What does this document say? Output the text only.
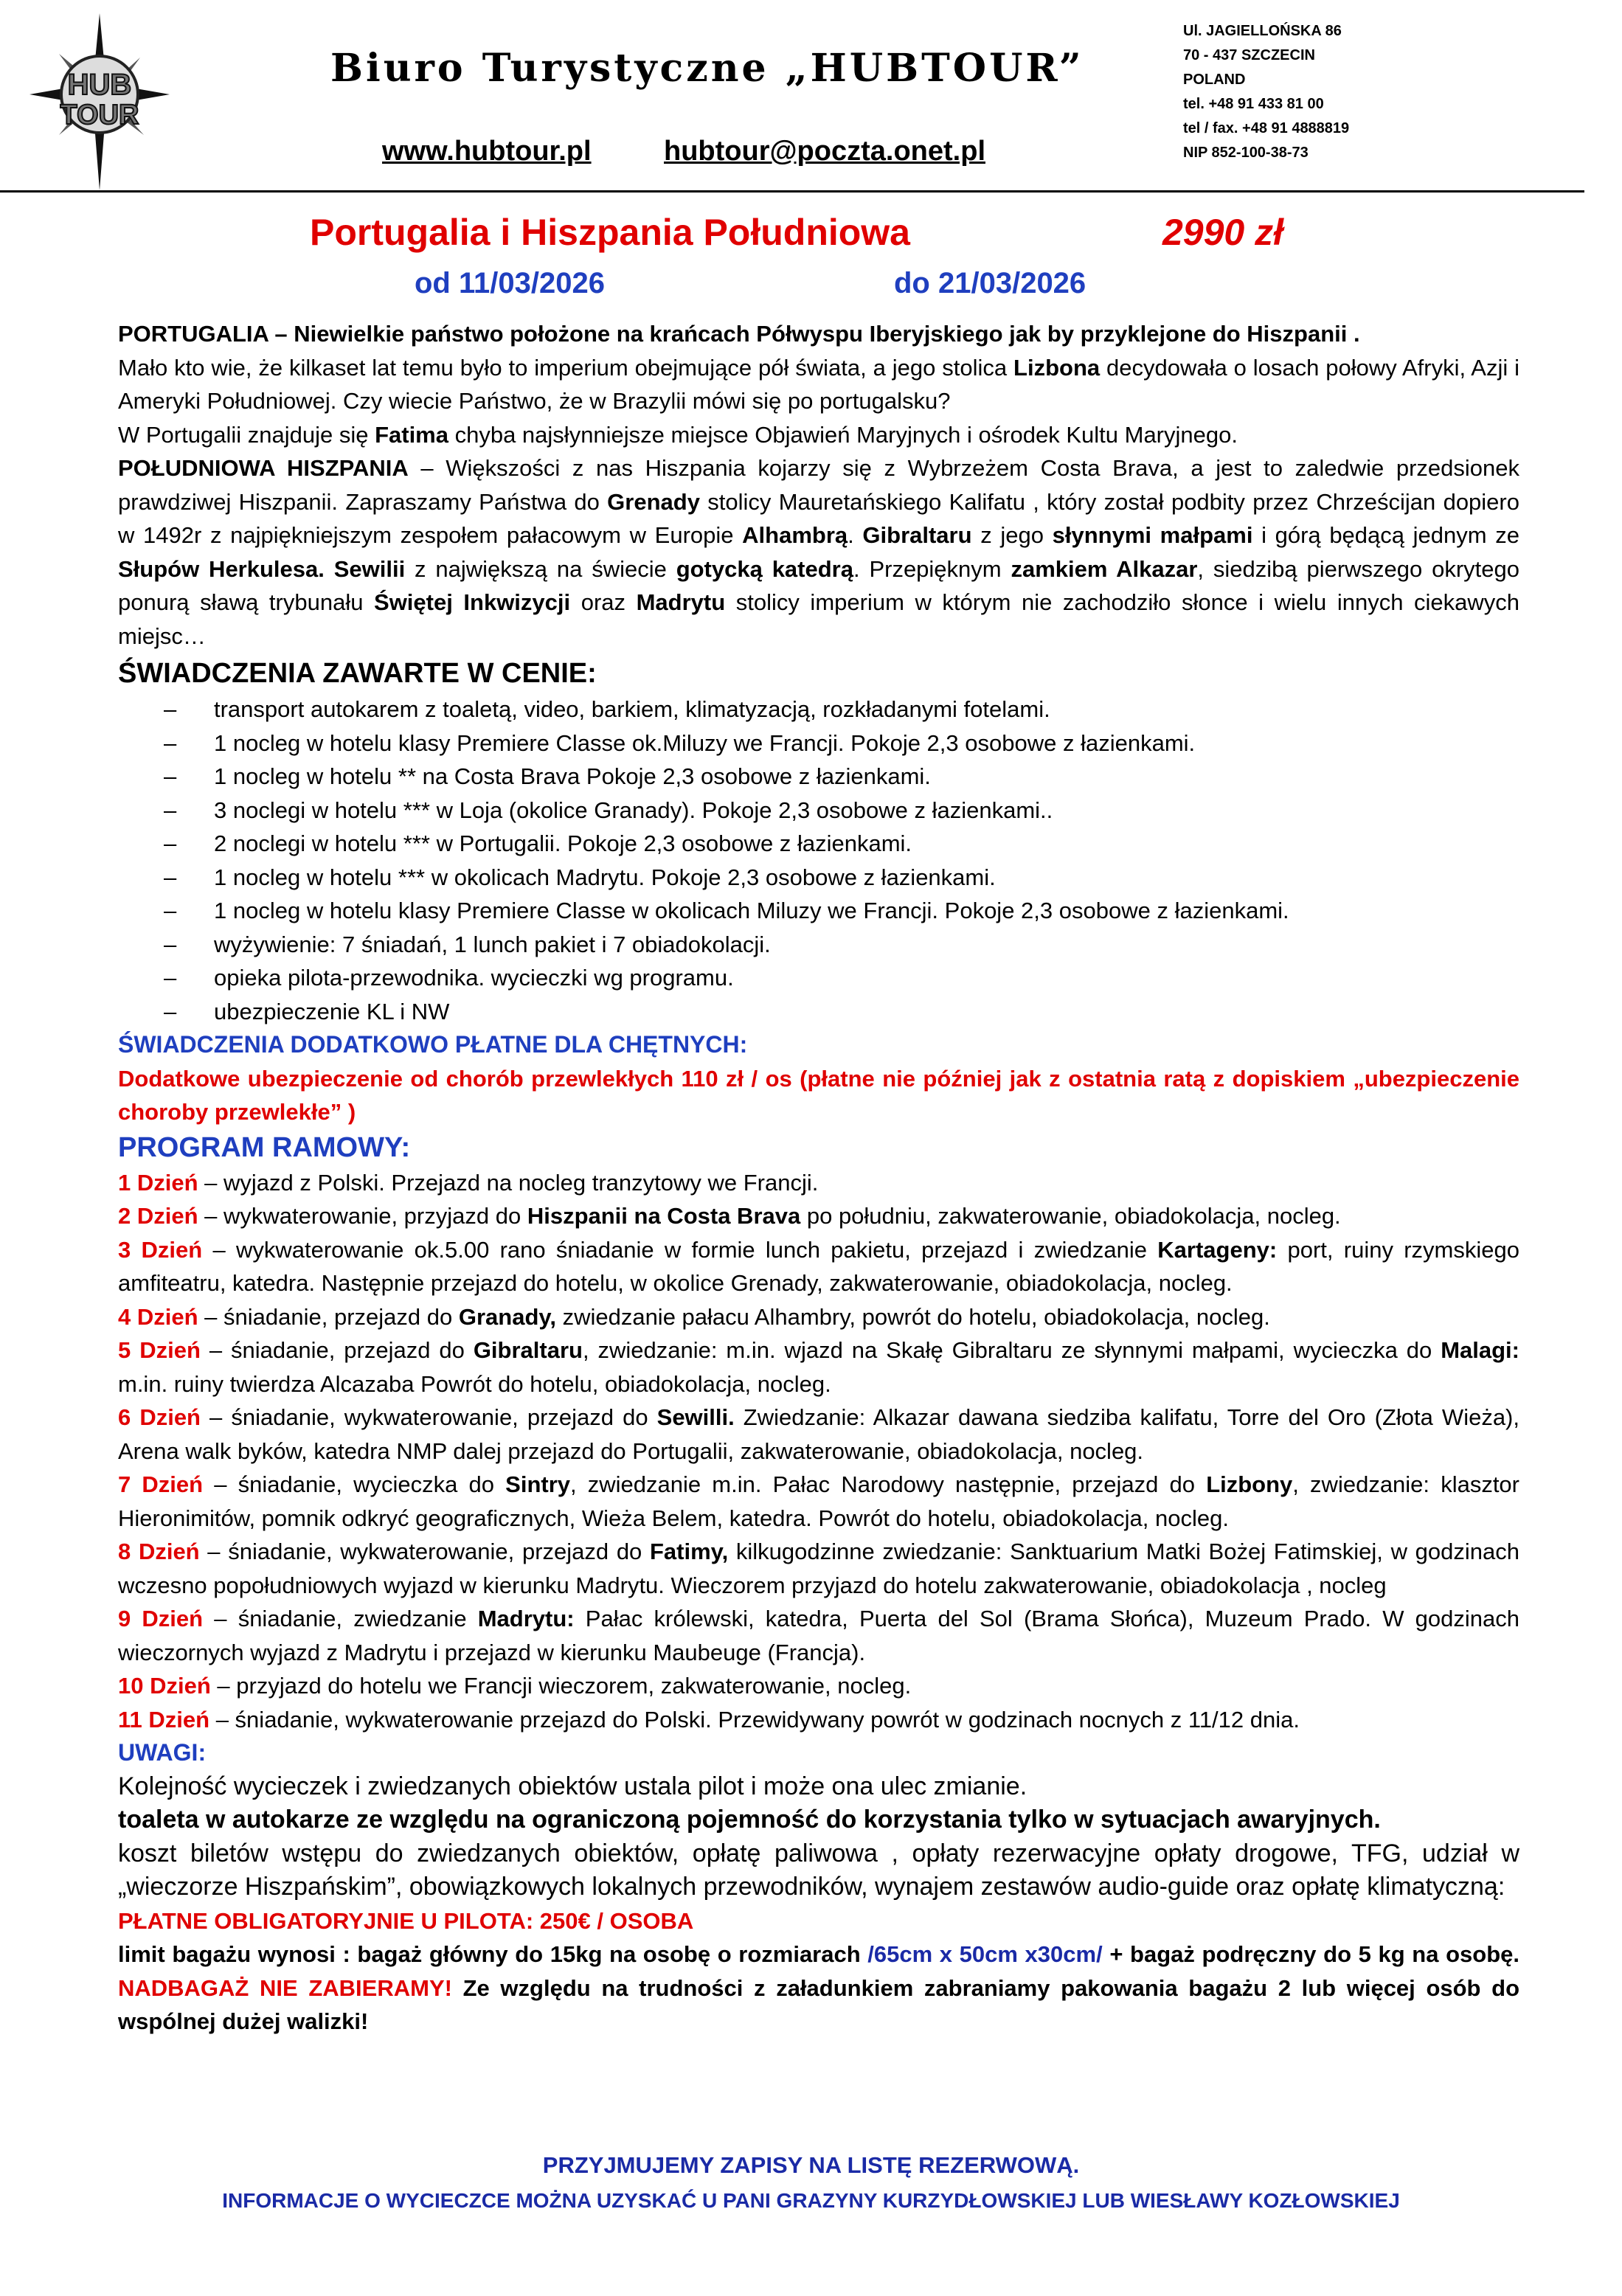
HUB
TOUR
Biuro Turystyczne „HUBTOUR”
www.hubtour.pl	hubtour@poczta.onet.pl
Ul. JAGIELLOŃSKA 86
70 - 437 SZCZECIN
POLAND
tel. +48 91 433 81 00
tel / fax. +48 91 4888819
NIP 852-100-38-73
Portugalia i Hiszpania Południowa	2990 zł
od 11/03/2026	do 21/03/2026
PORTUGALIA – Niewielkie państwo położone na krańcach Półwyspu Iberyjskiego jak by przyklejone do Hiszpanii .
Mało kto wie, że kilkaset lat temu było to imperium obejmujące pół świata, a jego stolica Lizbona decydowała o losach połowy Afryki, Azji i Ameryki Południowej. Czy wiecie Państwo, że w Brazylii mówi się po portugalsku?
W Portugalii znajduje się Fatima chyba najsłynniejsze miejsce Objawień Maryjnych i ośrodek Kultu Maryjnego.
POŁUDNIOWA HISZPANIA – Większości z nas Hiszpania kojarzy się z Wybrzeżem Costa Brava, a jest to zaledwie przedsionek prawdziwej Hiszpanii. Zapraszamy Państwa do Grenady stolicy Mauretańskiego Kalifatu , który został podbity przez Chrześcijan dopiero w 1492r z najpiękniejszym zespołem pałacowym w Europie Alhambrą. Gibraltaru z jego słynnymi małpami i górą będącą jednym ze Słupów Herkulesa. Sewilii z największą na świecie gotycką katedrą. Przepięknym zamkiem Alkazar, siedzibą pierwszego okrytego ponurą sławą trybunału Świętej Inkwizycji oraz Madrytu stolicy imperium w którym nie zachodziło słonce i wielu innych ciekawych miejsc…
ŚWIADCZENIA ZAWARTE W CENIE:
– transport autokarem z toaletą, video, barkiem, klimatyzacją, rozkładanymi fotelami.
– 1 nocleg w hotelu klasy Premiere Classe ok.Miluzy we Francji. Pokoje 2,3 osobowe z łazienkami.
– 1 nocleg w hotelu ** na Costa Brava Pokoje 2,3 osobowe z łazienkami.
– 3 noclegi w hotelu *** w Loja (okolice Granady). Pokoje 2,3 osobowe z łazienkami..
– 2 noclegi w hotelu *** w Portugalii. Pokoje 2,3 osobowe z łazienkami.
– 1 nocleg w hotelu *** w okolicach Madrytu. Pokoje 2,3 osobowe z łazienkami.
– 1 nocleg w hotelu klasy Premiere Classe w okolicach Miluzy we Francji. Pokoje 2,3 osobowe z łazienkami.
– wyżywienie: 7 śniadań, 1 lunch pakiet i 7 obiadokolacji.
– opieka pilota-przewodnika. wycieczki wg programu.
– ubezpieczenie KL i NW
ŚWIADCZENIA DODATKOWO PŁATNE DLA CHĘTNYCH:
Dodatkowe ubezpieczenie od chorób przewlekłych 110 zł / os (płatne nie później jak z ostatnia ratą z dopiskiem „ubezpieczenie choroby przewlekłe” )
PROGRAM RAMOWY:
1 Dzień – wyjazd z Polski. Przejazd na nocleg tranzytowy we Francji.
2 Dzień – wykwaterowanie, przyjazd do Hiszpanii na Costa Brava po południu, zakwaterowanie, obiadokolacja, nocleg.
3 Dzień – wykwaterowanie ok.5.00 rano śniadanie w formie lunch pakietu, przejazd i zwiedzanie Kartageny: port, ruiny rzymskiego amfiteatru, katedra. Następnie przejazd do hotelu, w okolice Grenady, zakwaterowanie, obiadokolacja, nocleg.
4 Dzień – śniadanie, przejazd do Granady, zwiedzanie pałacu Alhambry, powrót do hotelu, obiadokolacja, nocleg.
5 Dzień – śniadanie, przejazd do Gibraltaru, zwiedzanie: m.in. wjazd na Skałę Gibraltaru ze słynnymi małpami, wycieczka do Malagi: m.in. ruiny twierdza Alcazaba Powrót do hotelu, obiadokolacja, nocleg.
6 Dzień – śniadanie, wykwaterowanie, przejazd do Sewilli. Zwiedzanie: Alkazar dawana siedziba kalifatu, Torre del Oro (Złota Wieża), Arena walk byków, katedra NMP dalej przejazd do Portugalii, zakwaterowanie, obiadokolacja, nocleg.
7 Dzień – śniadanie, wycieczka do Sintry, zwiedzanie m.in. Pałac Narodowy następnie, przejazd do Lizbony, zwiedzanie: klasztor Hieronimitów, pomnik odkryć geograficznych, Wieża Belem, katedra. Powrót do hotelu, obiadokolacja, nocleg.
8 Dzień – śniadanie, wykwaterowanie, przejazd do Fatimy, kilkugodzinne zwiedzanie: Sanktuarium Matki Bożej Fatimskiej, w godzinach wczesno popołudniowych wyjazd w kierunku Madrytu. Wieczorem przyjazd do hotelu zakwaterowanie, obiadokolacja , nocleg
9 Dzień – śniadanie, zwiedzanie Madrytu: Pałac królewski, katedra, Puerta del Sol (Brama Słońca), Muzeum Prado. W godzinach wieczornych wyjazd z Madrytu i przejazd w kierunku Maubeuge (Francja).
10 Dzień – przyjazd do hotelu we Francji wieczorem, zakwaterowanie, nocleg.
11 Dzień – śniadanie, wykwaterowanie przejazd do Polski. Przewidywany powrót w godzinach nocnych z 11/12 dnia.
UWAGI:
Kolejność wycieczek i zwiedzanych obiektów ustala pilot i może ona ulec zmianie.
toaleta w autokarze ze względu na ograniczoną pojemność do korzystania tylko w sytuacjach awaryjnych.
koszt biletów wstępu do zwiedzanych obiektów, opłatę paliwowa , opłaty rezerwacyjne opłaty drogowe, TFG, udział w „wieczorze Hiszpańskim”, obowiązkowych lokalnych przewodników, wynajem zestawów audio-guide oraz opłatę klimatyczną:
PŁATNE OBLIGATORYJNIE U PILOTA: 250€ / OSOBA
limit bagażu wynosi : bagaż główny do 15kg na osobę o rozmiarach /65cm x 50cm x30cm/ + bagaż podręczny do 5 kg na osobę. NADBAGAŻ NIE ZABIERAMY! Ze względu na trudności z załadunkiem zabraniamy pakowania bagażu 2 lub więcej osób do wspólnej dużej walizki!
PRZYJMUJEMY ZAPISY NA LISTĘ REZERWOWĄ.
INFORMACJE O WYCIECZCE MOŻNA UZYSKAĆ U PANI GRAZYNY KURZYDŁOWSKIEJ LUB WIESŁAWY KOZŁOWSKIEJ
